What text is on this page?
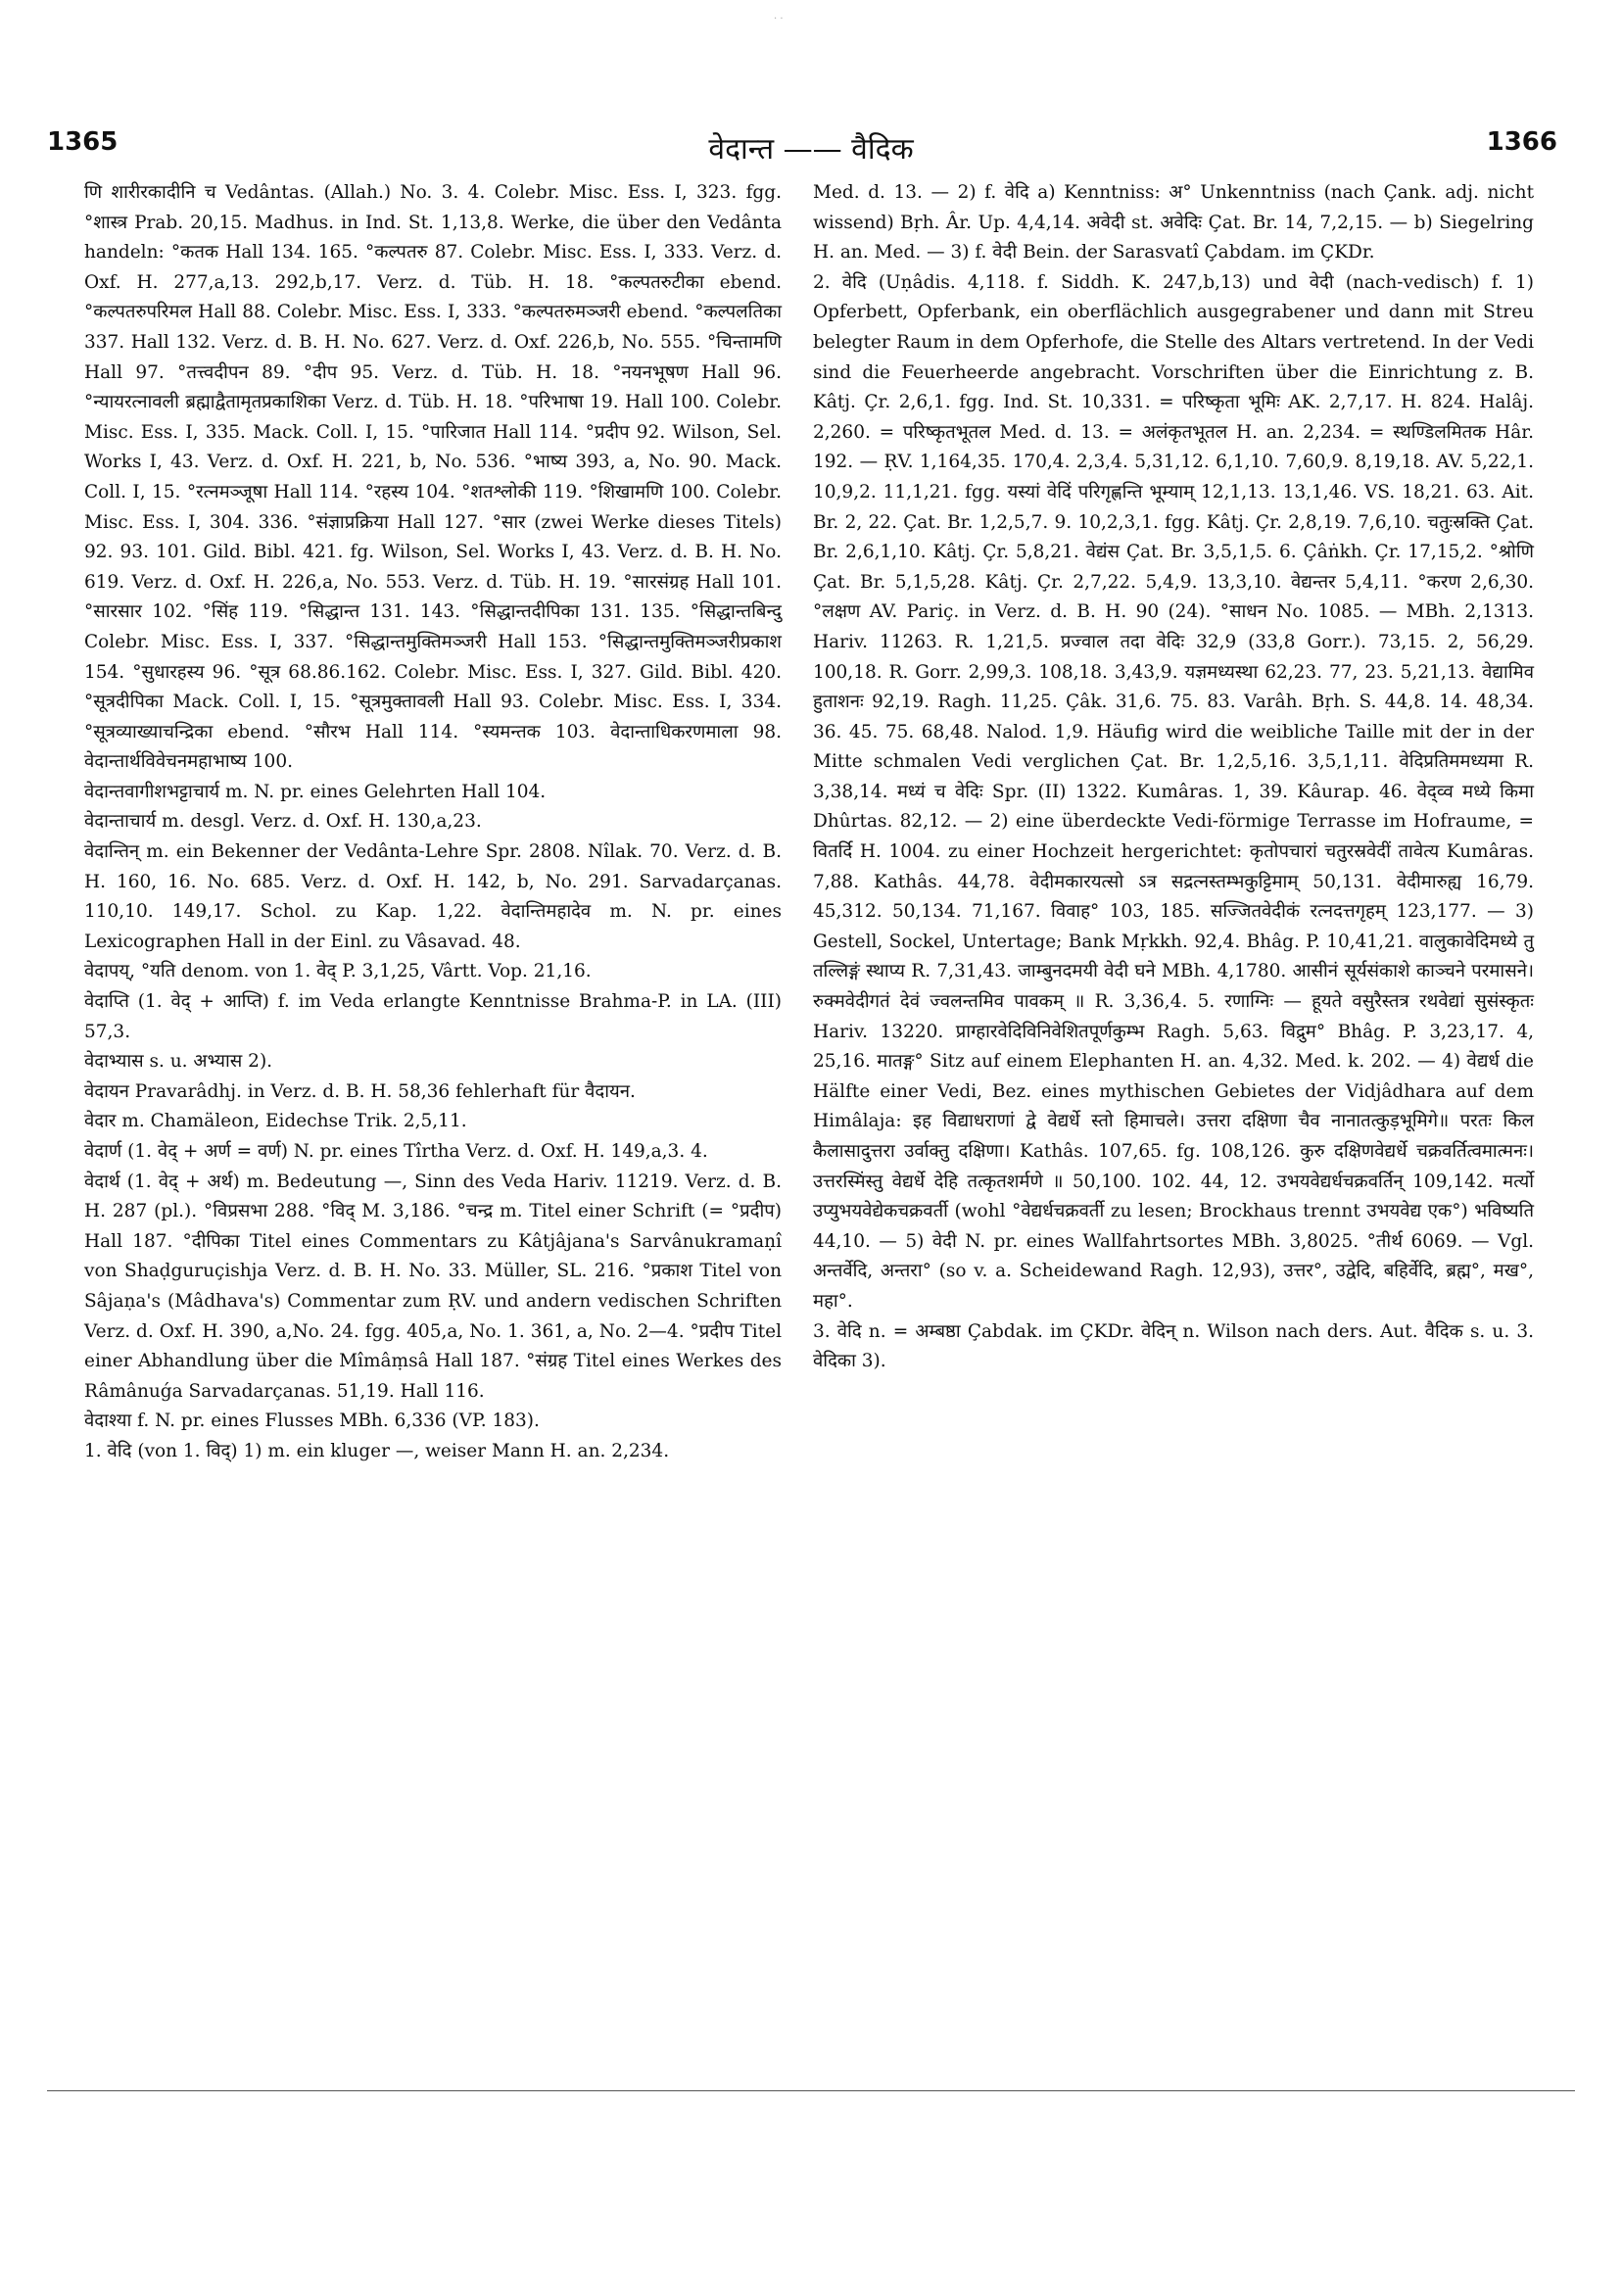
· ·
1365	वेदान्त —— वैदिक	1366

णि शारीरकादीनि च Vedântas. (Allah.) No. 3. 4. Colebr. Misc. Ess. I, 323. fgg. °शास्त्र Prab. 20,15. Madhus. in Ind. St. 1,13,8. Werke, die über den Vedânta handeln: °कतक Hall 134. 165. °कल्पतरु 87. Colebr. Misc. Ess. I, 333. Verz. d. Oxf. H. 277,a,13. 292,b,17. Verz. d. Tüb. H. 18. °कल्पतरुटीका ebend. °कल्पतरुपरिमल Hall 88. Colebr. Misc. Ess. I, 333. °कल्पतरुमञ्जरी ebend. °कल्पलतिका 337. Hall 132. Verz. d. B. H. No. 627. Verz. d. Oxf. 226,b, No. 555. °चिन्तामणि Hall 97. °तत्त्वदीपन 89. °दीप 95. Verz. d. Tüb. H. 18. °नयनभूषण Hall 96. °न्यायरत्नावली ब्रह्माद्वैतामृतप्रकाशिका Verz. d. Tüb. H. 18. °परिभाषा 19. Hall 100. Colebr. Misc. Ess. I, 335. Mack. Coll. I, 15. °पारिजात Hall 114. °प्रदीप 92. Wilson, Sel. Works I, 43. Verz. d. Oxf. H. 221, b, No. 536. °भाष्य 393, a, No. 90. Mack. Coll. I, 15. °रत्नमञ्जूषा Hall 114. °रहस्य 104. °शतश्लोकी 119. °शिखामणि 100. Colebr. Misc. Ess. I, 304. 336. °संज्ञाप्रक्रिया Hall 127. °सार (zwei Werke dieses Titels) 92. 93. 101. Gild. Bibl. 421. fg. Wilson, Sel. Works I, 43. Verz. d. B. H. No. 619. Verz. d. Oxf. H. 226,a, No. 553. Verz. d. Tüb. H. 19. °सारसंग्रह Hall 101. °सारसार 102. °सिंह 119. °सिद्धान्त 131. 143. °सिद्धान्तदीपिका 131. 135. °सिद्धान्तबिन्दु Colebr. Misc. Ess. I, 337. °सिद्धान्तमुक्तिमञ्जरी Hall 153. °सिद्धान्तमुक्तिमञ्जरीप्रकाश 154. °सुधारहस्य 96. °सूत्र 68.86.162. Colebr. Misc. Ess. I, 327. Gild. Bibl. 420. °सूत्रदीपिका Mack. Coll. I, 15. °सूत्रमुक्तावली Hall 93. Colebr. Misc. Ess. I, 334. °सूत्रव्याख्याचन्द्रिका ebend. °सौरभ Hall 114. °स्यमन्तक 103. वेदान्ताधिकरणमाला 98. वेदान्तार्थविवेचनमहाभाष्य 100.

वेदान्तवागीशभट्टाचार्य m. N. pr. eines Gelehrten Hall 104.

वेदान्ताचार्य m. desgl. Verz. d. Oxf. H. 130,a,23.

वेदान्तिन् m. ein Bekenner der Vedânta-Lehre Spr. 2808. Nîlak. 70. Verz. d. B. H. 160, 16. No. 685. Verz. d. Oxf. H. 142, b, No. 291. Sarvadarçanas. 110,10. 149,17. Schol. zu Kap. 1,22. वेदान्तिमहादेव m. N. pr. eines Lexicographen Hall in der Einl. zu Vâsavad. 48.

वेदापय्, °यति denom. von 1. वेद् P. 3,1,25, Vârtt. Vop. 21,16.

वेदाप्ति (1. वेद् + आप्ति) f. im Veda erlangte Kenntnisse Brahma-P. in LA. (III) 57,3.

वेदाभ्यास s. u. अभ्यास 2).

वेदायन Pravarâdhj. in Verz. d. B. H. 58,36 fehlerhaft für वैदायन.

वेदार m. Chamäleon, Eidechse Trik. 2,5,11.

वेदार्ण (1. वेद् + अर्ण = वर्ण) N. pr. eines Tîrtha Verz. d. Oxf. H. 149,a,3. 4.

वेदार्थ (1. वेद् + अर्थ) m. Bedeutung —, Sinn des Veda Hariv. 11219. Verz. d. B. H. 287 (pl.). °विप्रसभा 288. °विद् M. 3,186. °चन्द्र m. Titel einer Schrift (= °प्रदीप) Hall 187. °दीपिका Titel eines Commentars zu Kâtjâjana's Sarvânukramaṇî von Shaḍguruçishja Verz. d. B. H. No. 33. Müller, SL. 216. °प्रकाश Titel von Sâjaṇa's (Mâdhava's) Commentar zum ṚV. und andern vedischen Schriften Verz. d. Oxf. H. 390, a,No. 24. fgg. 405,a, No. 1. 361, a, No. 2—4. °प्रदीप Titel einer Abhandlung über die Mîmâṃsâ Hall 187. °संग्रह Titel eines Werkes des Râmânuǵa Sarvadarçanas. 51,19. Hall 116.

वेदाश्या f. N. pr. eines Flusses MBh. 6,336 (VP. 183).

1. वेदि (von 1. विद्) 1) m. ein kluger —, weiser Mann H. an. 2,234.

Med. d. 13. — 2) f. वेदि a) Kenntniss: अ° Unkenntniss (nach Çank. adj. nicht wissend) Bṛh. Âr. Up. 4,4,14. अवेदी st. अवेदिः Çat. Br. 14, 7,2,15. — b) Siegelring H. an. Med. — 3) f. वेदी Bein. der Sarasvatî Çabdam. im ÇKDr.

2. वेदि (Uṇâdis. 4,118. f. Siddh. K. 247,b,13) und वेदी (nach-vedisch) f. 1) Opferbett, Opferbank, ein oberflächlich ausgegrabener und dann mit Streu belegter Raum in dem Opferhofe, die Stelle des Altars vertretend. In der Vedi sind die Feuerheerde angebracht. Vorschriften über die Einrichtung z. B. Kâtj. Çr. 2,6,1. fgg. Ind. St. 10,331. = परिष्कृता भूमिः AK. 2,7,17. H. 824. Halâj. 2,260. = परिष्कृतभूतल Med. d. 13. = अलंकृतभूतल H. an. 2,234. = स्थण्डिलमितक Hâr. 192. — ṚV. 1,164,35. 170,4. 2,3,4. 5,31,12. 6,1,10. 7,60,9. 8,19,18. AV. 5,22,1. 10,9,2. 11,1,21. fgg. यस्यां वेदिं परिगृह्णन्ति भूम्याम् 12,1,13. 13,1,46. VS. 18,21. 63. Ait. Br. 2, 22. Çat. Br. 1,2,5,7. 9. 10,2,3,1. fgg. Kâtj. Çr. 2,8,19. 7,6,10. चतुःस्रक्ति Çat. Br. 2,6,1,10. Kâtj. Çr. 5,8,21. वेद्यंस Çat. Br. 3,5,1,5. 6. Çâṅkh. Çr. 17,15,2. °श्रोणि Çat. Br. 5,1,5,28. Kâtj. Çr. 2,7,22. 5,4,9. 13,3,10. वेद्यन्तर 5,4,11. °करण 2,6,30. °लक्षण AV. Pariç. in Verz. d. B. H. 90 (24). °साधन No. 1085. — MBh. 2,1313. Hariv. 11263. R. 1,21,5. प्रज्वाल तदा वेदिः 32,9 (33,8 Gorr.). 73,15. 2, 56,29. 100,18. R. Gorr. 2,99,3. 108,18. 3,43,9. यज्ञमध्यस्था 62,23. 77, 23. 5,21,13. वेद्यामिव हुताशनः 92,19. Ragh. 11,25. Çâk. 31,6. 75. 83. Varâh. Bṛh. S. 44,8. 14. 48,34. 36. 45. 75. 68,48. Nalod. 1,9. Häufig wird die weibliche Taille mit der in der Mitte schmalen Vedi verglichen Çat. Br. 1,2,5,16. 3,5,1,11. वेदिप्रतिममध्यमा R. 3,38,14. मध्यं च वेदिः Spr. (II) 1322. Kumâras. 1, 39. Kâurap. 46. वेद्व्व मध्ये किमा Dhûrtas. 82,12. — 2) eine überdeckte Vedi-förmige Terrasse im Hofraume, = वितर्दि H. 1004. zu einer Hochzeit hergerichtet: कृतोपचारां चतुरस्रवेदीं तावेत्य Kumâras. 7,88. Kathâs. 44,78. वेदीमकारयत्सो ऽत्र सद्रत्नस्तम्भकुट्टिमाम् 50,131. वेदीमारुह्य 16,79. 45,312. 50,134. 71,167. विवाह° 103, 185. सज्जितवेदीकं रत्नदत्तगृहम् 123,177. — 3) Gestell, Sockel, Untertage; Bank Mṛkkh. 92,4. Bhâg. P. 10,41,21. वालुकावेदिमध्ये तु तल्लिङ्गं स्थाप्य R. 7,31,43. जाम्बुनदमयी वेदी घने MBh. 4,1780. आसीनं सूर्यसंकाशे काञ्चने परमासने। रुक्मवेदीगतं देवं ज्वलन्तमिव पावकम् ॥ R. 3,36,4. 5. रणाग्निः — हूयते वसुरैस्तत्र रथवेद्यां सुसंस्कृतः Hariv. 13220. प्राग्हारवेदिविनिवेशितपूर्णकुम्भ Ragh. 5,63. विद्रुम° Bhâg. P. 3,23,17. 4, 25,16. मातङ्ग° Sitz auf einem Elephanten H. an. 4,32. Med. k. 202. — 4) वेद्यर्ध die Hälfte einer Vedi, Bez. eines mythischen Gebietes der Vidjâdhara auf dem Himâlaja: इह विद्याधराणां द्वे वेद्यर्धे स्तो हिमाचले। उत्तरा दक्षिणा चैव नानातत्कुड़भूमिगे॥ परतः किल कैलासादुत्तरा उर्वाक्तु दक्षिणा। Kathâs. 107,65. fg. 108,126. कुरु दक्षिणवेद्यर्धे चक्रवर्तित्वमात्मनः। उत्तरस्मिंस्तु वेद्यर्धे देहि तत्कृतशर्मणे ॥ 50,100. 102. 44, 12. उभयवेद्यर्धचक्रवर्तिन् 109,142. मर्त्यो उप्युभयवेद्येकचक्रवर्ती (wohl °वेद्यर्धचक्रवर्ती zu lesen; Brockhaus trennt उभयवेद्य एक°) भविष्यति 44,10. — 5) वेदी N. pr. eines Wallfahrtsortes MBh. 3,8025. °तीर्थ 6069. — Vgl. अन्तर्वेदि, अन्तरा° (so v. a. Scheidewand Ragh. 12,93), उत्तर°, उद्वेदि, बहिर्वेदि, ब्रह्म°, मख°, महा°.

3. वेदि n. = अम्बष्ठा Çabdak. im ÇKDr. वेदिन् n. Wilson nach ders. Aut. वैदिक s. u. 3. वेदिका 3).
